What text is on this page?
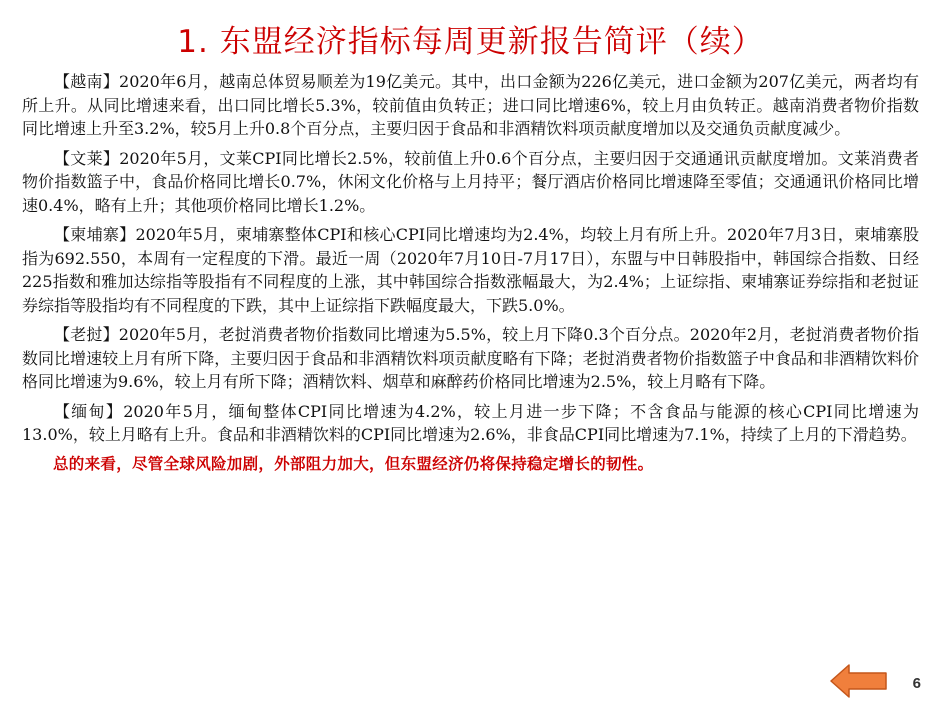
1. 东盟经济指标每周更新报告简评（续）

【越南】2020年6月，越南总体贸易顺差为19亿美元。其中，出口金额为226亿美元，进口金额为207亿美元，两者均有所上升。从同比增速来看，出口同比增长5.3%，较前值由负转正；进口同比增速6%，较上月由负转正。越南消费者物价指数同比增速上升至3.2%，较5月上升0.8个百分点，主要归因于食品和非酒精饮料项贡献度增加以及交通负贡献度减少。

【文莱】2020年5月，文莱CPI同比增长2.5%，较前值上升0.6个百分点，主要归因于交通通讯贡献度增加。文莱消费者物价指数篮子中，食品价格同比增长0.7%，休闲文化价格与上月持平；餐厅酒店价格同比增速降至零值；交通通讯价格同比增速0.4%，略有上升；其他项价格同比增长1.2%。

【柬埔寨】2020年5月，柬埔寨整体CPI和核心CPI同比增速均为2.4%，均较上月有所上升。2020年7月3日，柬埔寨股指为692.550，本周有一定程度的下滑。最近一周（2020年7月10日-7月17日），东盟与中日韩股指中，韩国综合指数、日经225指数和雅加达综指等股指有不同程度的上涨，其中韩国综合指数涨幅最大，为2.4%；上证综指、柬埔寨证券综指和老挝证券综指等股指均有不同程度的下跌，其中上证综指下跌幅度最大，下跌5.0%。

【老挝】2020年5月，老挝消费者物价指数同比增速为5.5%，较上月下降0.3个百分点。2020年2月，老挝消费者物价指数同比增速较上月有所下降，主要归因于食品和非酒精饮料项贡献度略有下降；老挝消费者物价指数篮子中食品和非酒精饮料价格同比增速为9.6%，较上月有所下降；酒精饮料、烟草和麻醉药价格同比增速为2.5%，较上月略有下降。

【缅甸】2020年5月，缅甸整体CPI同比增速为4.2%，较上月进一步下降；不含食品与能源的核心CPI同比增速为13.0%，较上月略有上升。食品和非酒精饮料的CPI同比增速为2.6%，非食品CPI同比增速为7.1%，持续了上月的下滑趋势。

总的来看，尽管全球风险加剧，外部阻力加大，但东盟经济仍将保持稳定增长的韧性。

6
